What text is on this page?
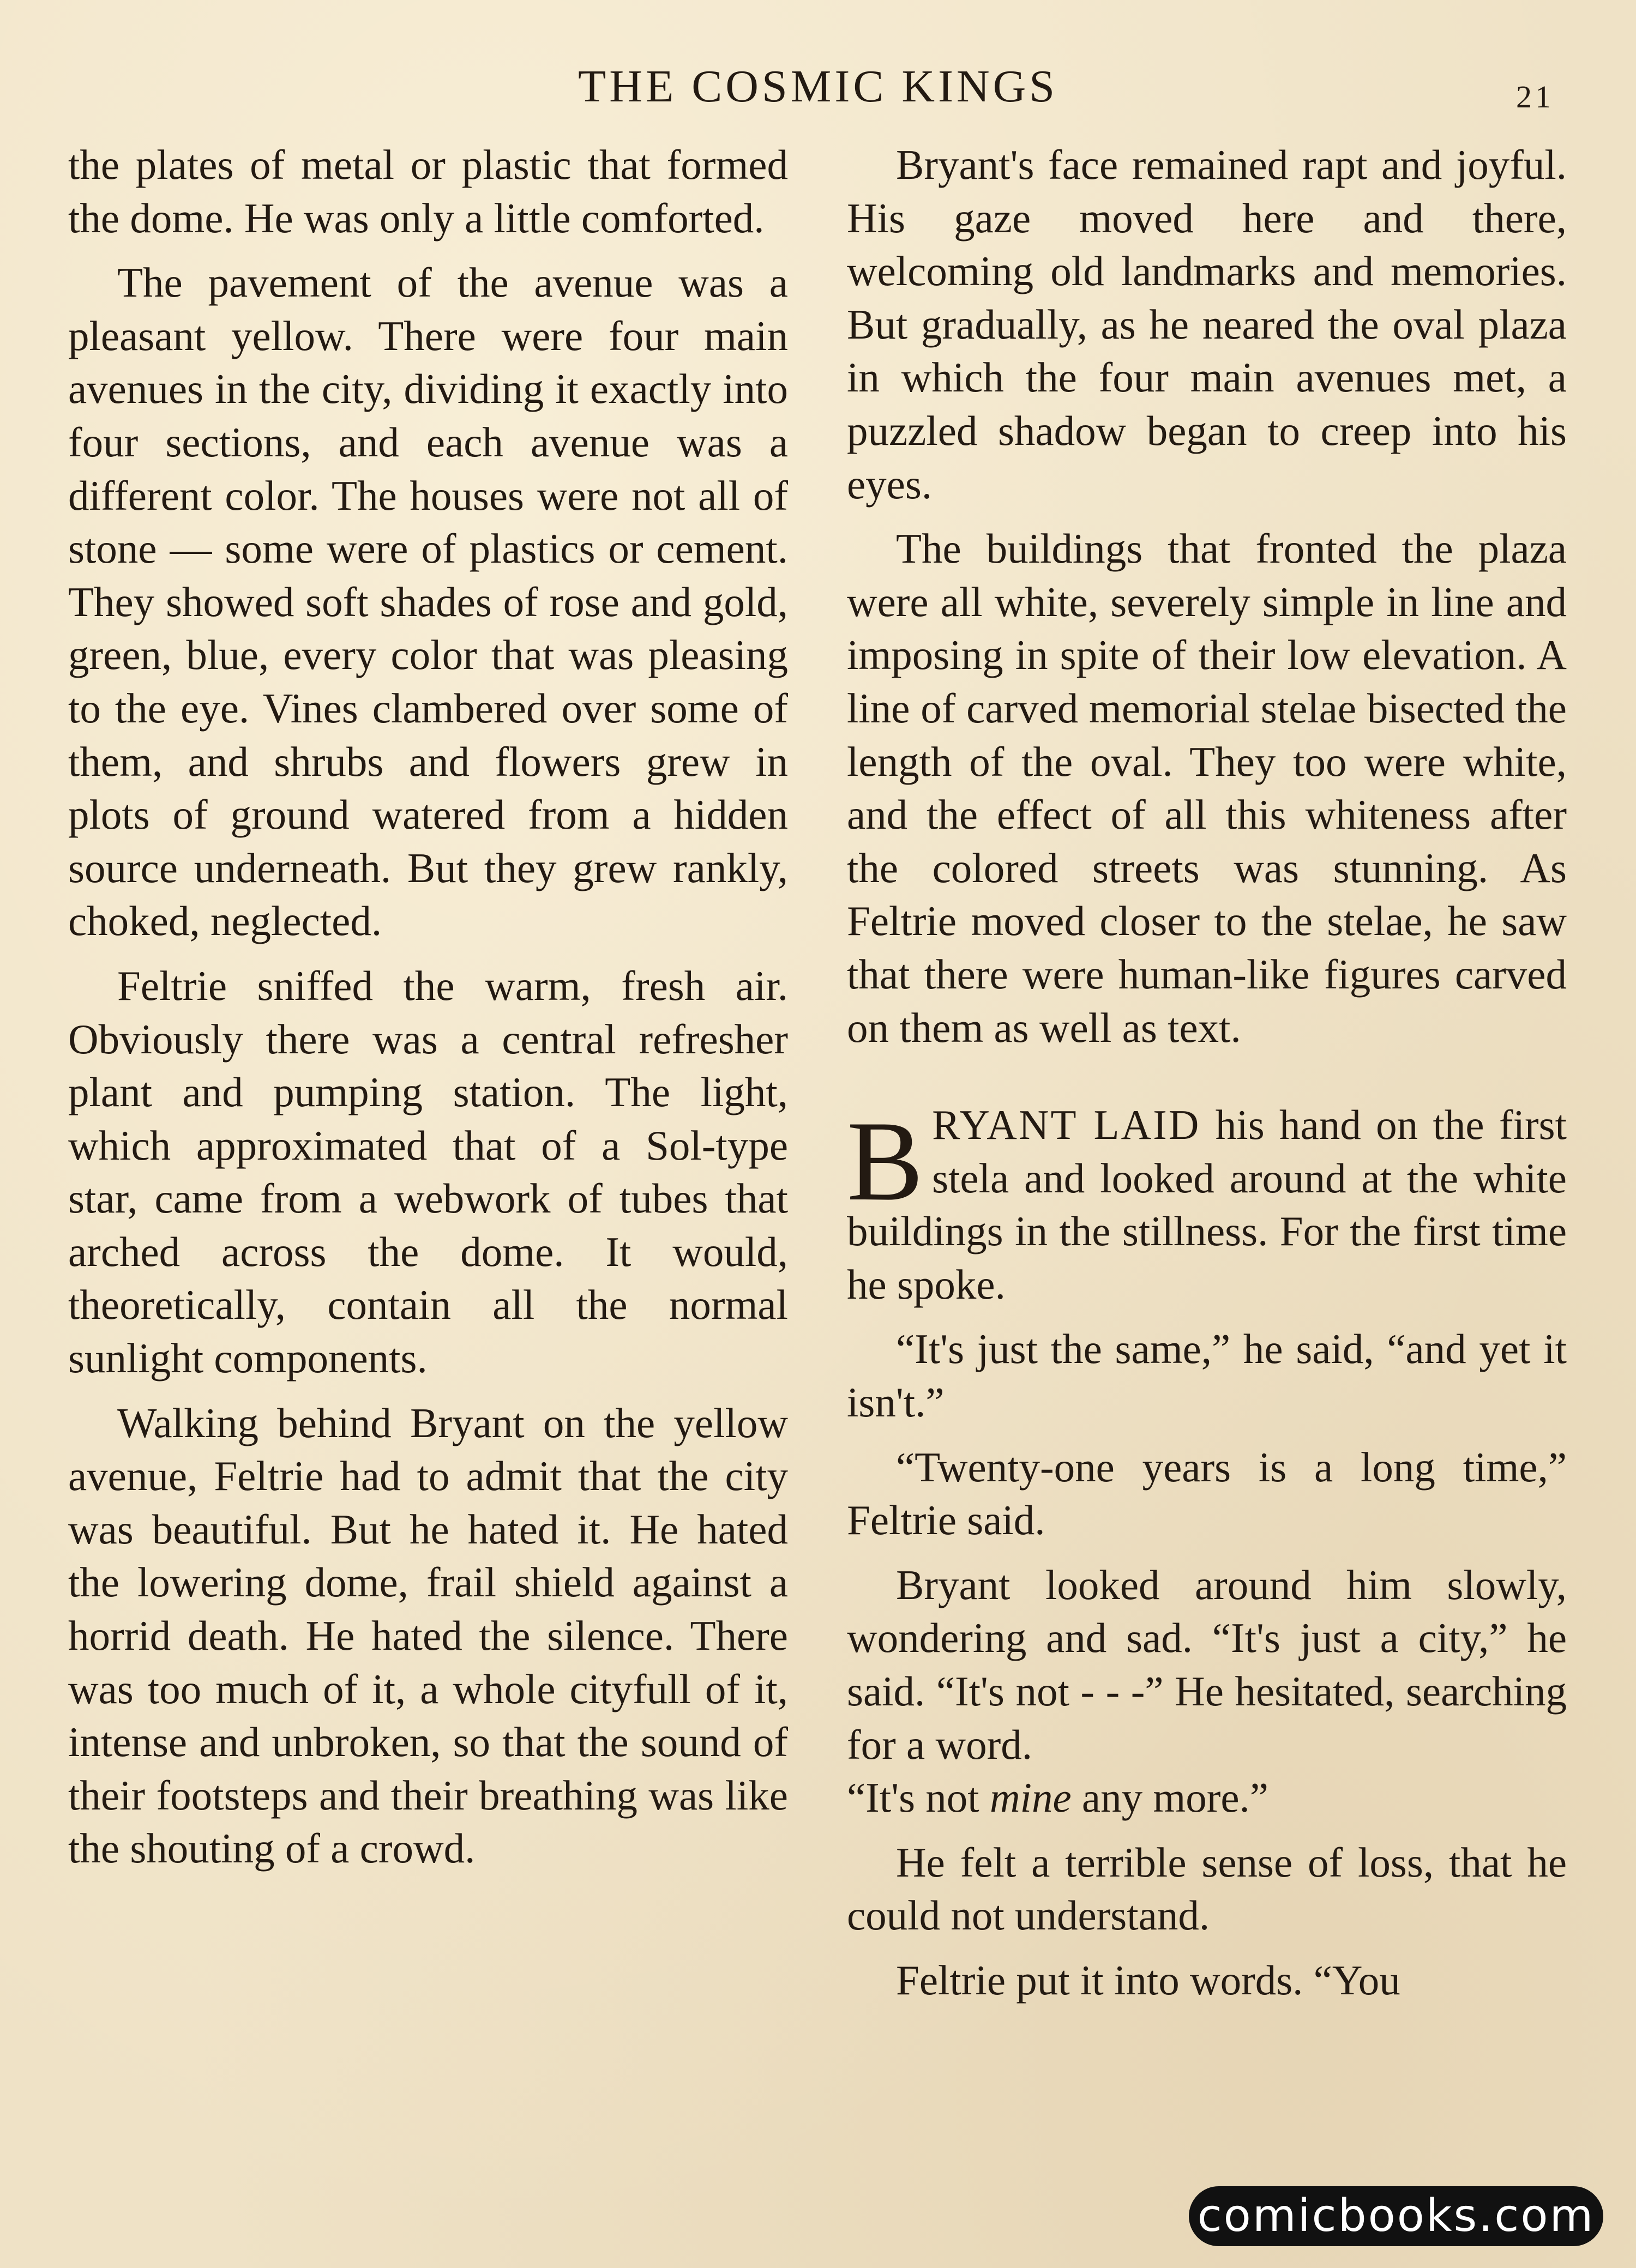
THE COSMIC KINGS	21

the plates of metal or plastic that formed the dome. He was only a little comforted.

The pavement of the avenue was a pleasant yellow. There were four main avenues in the city, dividing it exactly into four sections, and each avenue was a different color. The houses were not all of stone — some were of plastics or cement. They showed soft shades of rose and gold, green, blue, every color that was pleasing to the eye. Vines clambered over some of them, and shrubs and flowers grew in plots of ground watered from a hidden source underneath. But they grew rankly, choked, neglected.

Feltrie sniffed the warm, fresh air. Obviously there was a central refresher plant and pumping station. The light, which approximated that of a Sol-type star, came from a webwork of tubes that arched across the dome. It would, theoretically, contain all the normal sunlight components.

Walking behind Bryant on the yellow avenue, Feltrie had to admit that the city was beautiful. But he hated it. He hated the lowering dome, frail shield against a horrid death. He hated the silence. There was too much of it, a whole cityfull of it, intense and unbroken, so that the sound of their footsteps and their breathing was like the shouting of a crowd.

Bryant's face remained rapt and joyful. His gaze moved here and there, welcoming old landmarks and memories. But gradually, as he neared the oval plaza in which the four main avenues met, a puzzled shadow began to creep into his eyes.

The buildings that fronted the plaza were all white, severely simple in line and imposing in spite of their low elevation. A line of carved memorial stelae bisected the length of the oval. They too were white, and the effect of all this whiteness after the colored streets was stunning. As Feltrie moved closer to the stelae, he saw that there were human-like figures carved on them as well as text.

BRYANT LAID his hand on the first stela and looked around at the white buildings in the stillness. For the first time he spoke.

“It's just the same,” he said, “and yet it isn't.”

“Twenty-one years is a long time,” Feltrie said.

Bryant looked around him slowly, wondering and sad. “It's just a city,” he said. “It's not - - -” He hesitated, searching for a word.
“It's not mine any more.”

He felt a terrible sense of loss, that he could not understand.

Feltrie put it into words. “You

comicbooks.com
